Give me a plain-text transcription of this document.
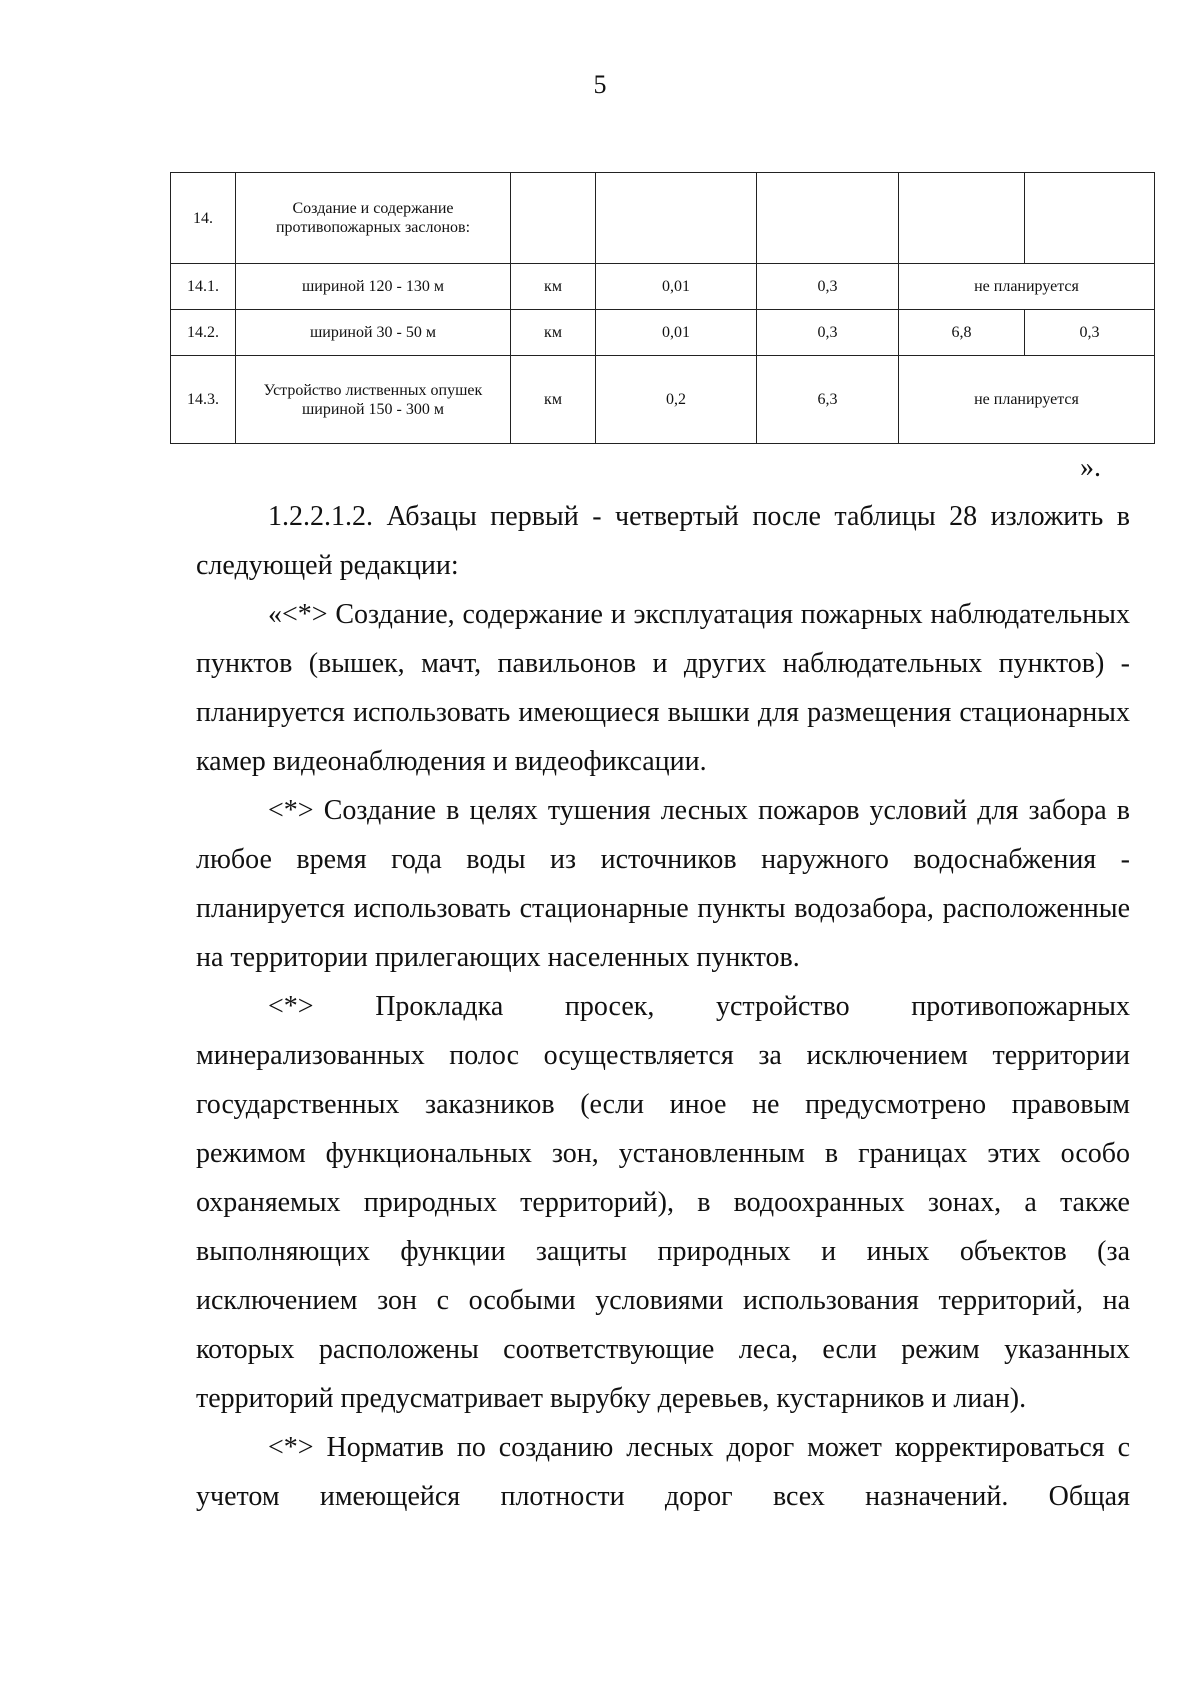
5
14.	Создание и содержание противопожарных заслонов:					
14.1.	шириной 120 - 130 м	км	0,01	0,3	не планируется	
14.2.	шириной 30 - 50 м	км	0,01	0,3	6,8	0,3
14.3.	Устройство лиственных опушек шириной 150 - 300 м	км	0,2	6,3	не планируется	
».

1.2.2.1.2. Абзацы первый - четвертый после таблицы 28 изложить в следующей редакции:

«<*> Создание, содержание и эксплуатация пожарных наблюдательных пунктов (вышек, мачт, павильонов и других наблюдательных пунктов) - планируется использовать имеющиеся вышки для размещения стационарных камер видеонаблюдения и видеофиксации.

<*> Создание в целях тушения лесных пожаров условий для забора в любое время года воды из источников наружного водоснабжения - планируется использовать стационарные пункты водозабора, расположенные на территории прилегающих населенных пунктов.

<*> Прокладка просек, устройство противопожарных минерализованных полос осуществляется за исключением территории государственных заказников (если иное не предусмотрено правовым режимом функциональных зон, установленным в границах этих особо охраняемых природных территорий), в водоохранных зонах, а также выполняющих функции защиты природных и иных объектов (за исключением зон с особыми условиями использования территорий, на которых расположены соответствующие леса, если режим указанных территорий предусматривает вырубку деревьев, кустарников и лиан).

<*> Норматив по созданию лесных дорог может корректироваться с учетом имеющейся плотности дорог всех назначений. Общая
